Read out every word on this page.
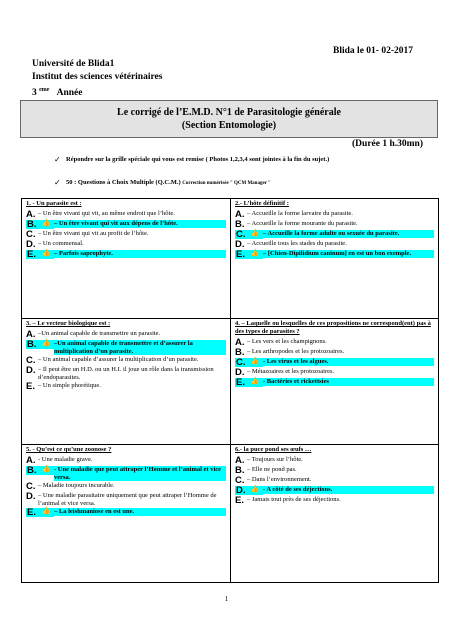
Blida le 01- 02-2017
Université de Blida1
Institut des sciences vétérinaires
3 $^{eme}$ Année
Le corrigé de l’E.M.D. N°1 de Parasitologie générale
(Section Entomologie)
(Durée 1 h.30mn)
✓ Répondre sur la grille spéciale qui vous est remise ( Photos 1,2,3,4 sont jointes à la fin du sujet.)
✓ 50 : Questions à Choix Multiple (Q.C.M.) Correction numérisée " QCM Manager "
1. - Un parasite est :
A. – Un être vivant qui vit, au même endroit que l’hôte.
B. 👍 – Un être vivant qui vit aux dépens de l’hôte.
C. – Un être vivant qui vit au profit de l’hôte.
D. – Un commensal.
E. 👍 – Parfois saprophyte.
2.- L’hôte définitif :
A. – Accueille la forme larvaire du parasite.
B. – Accueille la forme mourante du parasite.
C. 👍 – Accueille la forme adulte ou sexuée du parasite.
D. – Accueille tous les stades du parasite.
E. 👍 – [Chien-Dipilidium caninum] en est un bon exemple.
3. – Le vecteur biologique est :
A. –Un animal capable de transmettre un parasite.
B. 👍 –Un animal capable de transmettre et d’assurer la multiplication d’un parasite.
C. – Un animal capable d’assurer la multiplication d’un parasite.
D. – Il peut être un H.D. ou un H.I. il joue un rôle dans la transmission d’endoparasites.
E. – Un simple phorétique.
4. – Laquelle ou lesquelles de ces propositions ne correspond(ent) pas à des types de parasites ?
A. – Les vers et les champignons.
B. – Les arthropodes et les protozoaires.
C. 👍 - Les virus et les algues.
D. – Métazoaires et les protozoaires.
E. 👍 - Bactéries et rickettsies
5. - Qu’est ce qu’une zoonose ?
A. - Une maladie grave.
B. 👍 - Une maladie que peut attraper l’Homme et l’animal et vice versa.
C. – Maladie toujours incurable.
D. – Une maladie parasitaire uniquement que peut attraper l’Homme de l’animal et vice versa.
E. 👍 – La leishmaniose en est une.
6.- la puce pond ses œufs …
A. – Toujours sur l’hôte.
B. – Elle ne pond pas.
C. – Dans l’environnement.
D. 👍 - A côté de ses déjections.
E. – Jamais tout près de ses déjections.
1
